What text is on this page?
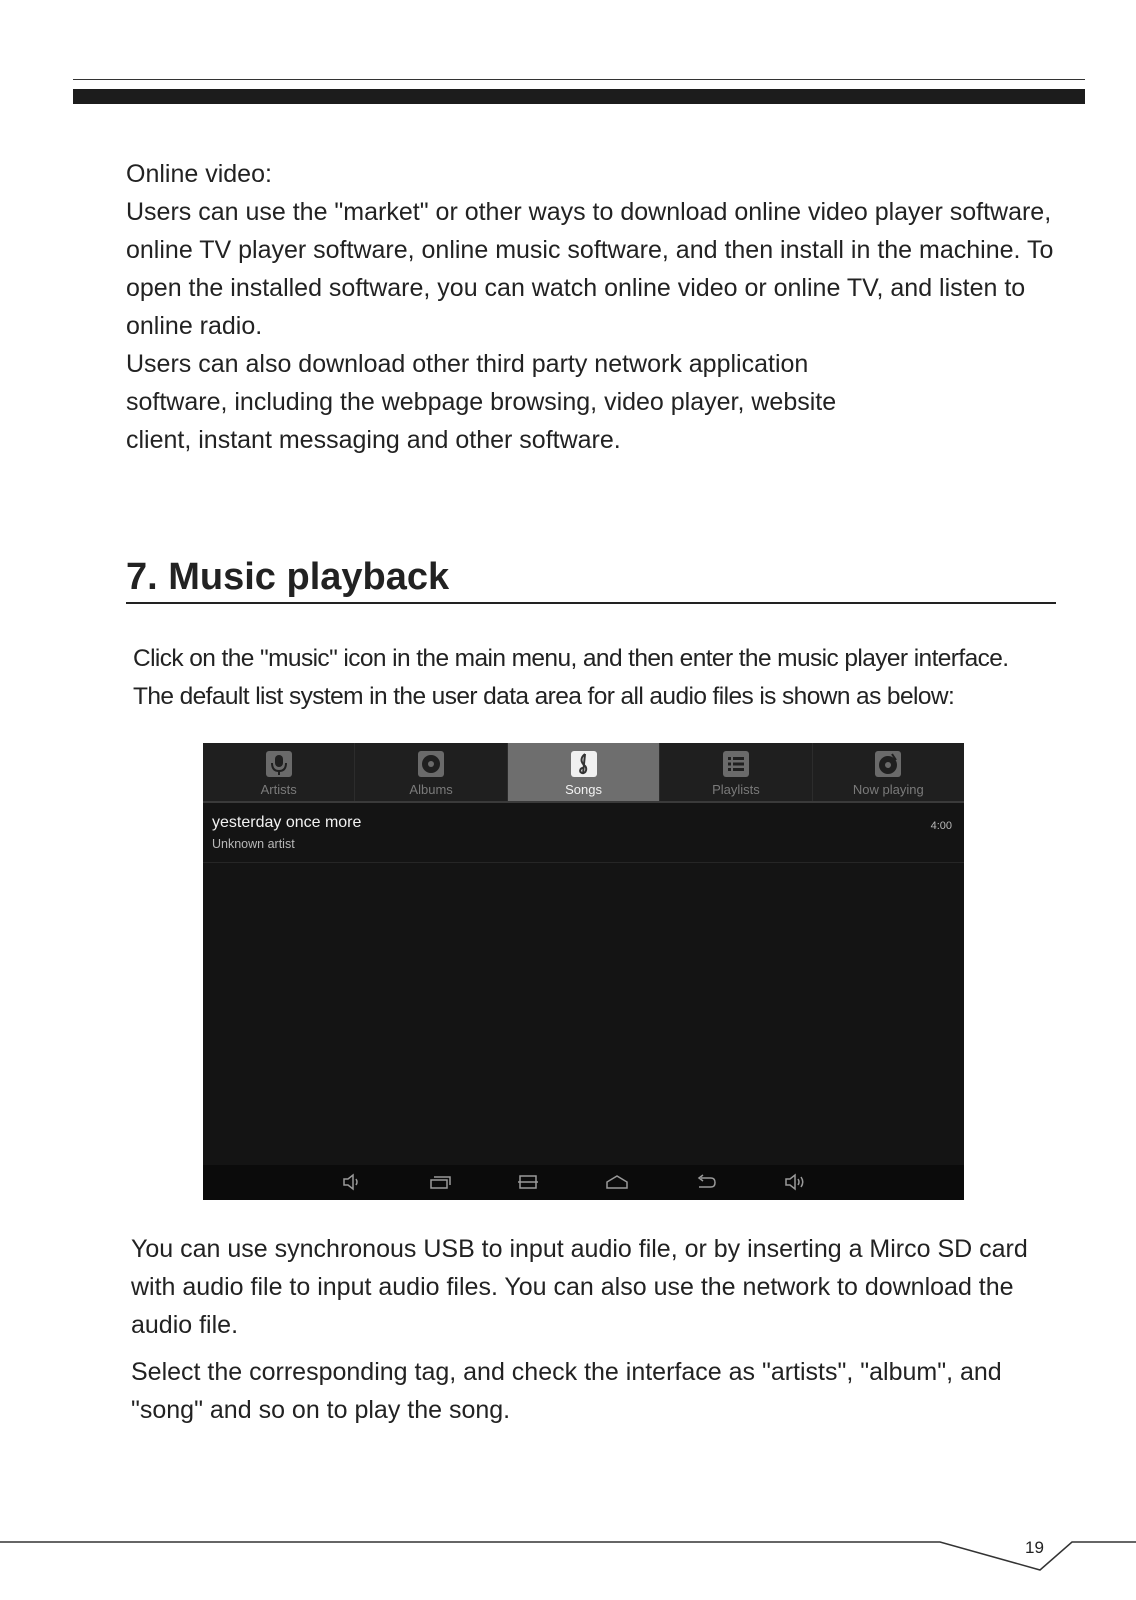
Online video:

Users can use the "market" or other ways to download online video player software, online TV player software, online music software, and then install in the machine. To open the installed software, you can watch online video or online TV, and listen to online radio.

Users can also download other third party network application

software, including the webpage browsing, video player, website

client, instant messaging and other software.

7. Music playback

Click on the "music" icon in the main menu, and then enter the music player interface.

The default list system in the user data area for all audio files is shown as below:

Artists	Albums	Songs	Playlists	Now playing
yesterday once more
Unknown artist
4:00

You can use synchronous USB to input audio file, or by inserting a Mirco SD card with audio file to input audio files. You can also use the network to download the audio file.

Select the corresponding tag, and check the interface as "artists", "album", and "song" and so on to play the song.

19
